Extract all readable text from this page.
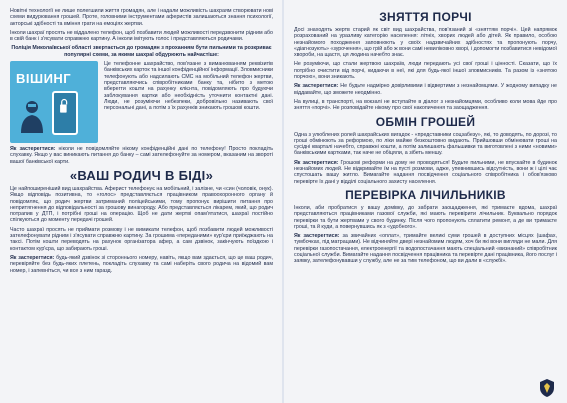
Новітні технології не лише полегшили життя громадян, але і надали можливість шахраям створювати нові схеми видурювання грошей. Проте, головними інструментами аферистів залишаються знання психології, акторські здібності та вміння грати на емоціях жертви.

Інколи шахраї просять не віддалено телефон, щоб позбавити людей можливості передзвонити рідним або в свій банк і з'ясувати справжню картину. А інколи імітують голос і представляються родичами.

Поліція Миколаївської області звертається до громадян з проханням бути пильними та розкриває популярні схеми, за якими шахраї обдурюють найчастіше:

ВІШИНГ

Це телефонне шахрайство, пов'язане з виманюванням реквізитів банківських карток та іншої конфіденційної інформації. Зловмисники телефонують або надсилають СМС на мобільний телефон жертви, представляючись співробітниками банку та, нібито з метою вберегти кошти на рахунку клієнта, повідомляють про будуючи заблокування картки або необхідність уточнити контактні дані. Люди, не розуміючи небезпеки, добровільно називають свої персональні дані, а потім з їх рахунків зникають грошові кошти.

Як застерегтися: ніколи не повідомляйте нікому конфіденційні дані по телефону! Просто покладіть слухавку. Якщо у вас виникають питання до банку – самі зателефонуйте за номером, вказаним на звороті вашої банківської карти.

«ВАШ РОДИЧ В БІДІ»

Це найпоширеніший вид шахрайства. Аферист телефонує на мобільний, і залізне, чи «син (чоловік, онук). Якщо відповідь позитивна, то «голос» представляється працівником правоохоронного органу й повідомляє, що родич жертви затриманий поліцейськими, тому пропонує вирішити питання про непритягнення до відповідальності за грошову винагороду. Або представляється лікарем, який, що родич потрапив у ДТП, і потрібні гроші на операцію. Щоб не дати жертві опам'ятатися, шахраї постійно спілкуються до моменту передачі грошей.

Часто шахраї просять не приймати розмову і не вимикати телефон, щоб позбавити людей можливості зателефонувати рідним і з'ясувати справжню картину. За грошима «переданими» кур'єри приїжджають на таксі. Потім кошти переводять на рахунок організатора афер, а сам дзвінок, закінчують поїздкою і контактом кур'єра, що забирають гроші.

Як застерегтися: будь-який дзвінок зі стороннього номеру, навіть, якщо вам здається, що це ваш родич, перевіряйте без будь-яких плетень, покладіть слухавку та самі наберіть свого родича на відомий вам номер, і запевніться, чи все з ним гаразд.

ЗНЯТТЯ ПОРЧІ

Досі знаходять жертв старий як світ вид шахрайства, пов'язаний зі «зняттям порчі». Цей напрямок розрахований на уразливу категорію населення: літніх, хворих людей або дітей. Як правило, особою незнайомого походження заповнюють у своїх надзвичайних здібностях та пропонують порчу, «діагнозують» «зурочення», що грій або ж вони самі невиліковно хворі, і допомогти позбавитися невідомої хвороби, на щастя, ця людина начебто знає.

Не розуміючи, що стали жертвою шахраїв, люди передають усі свої гроші і цінності. Сказати, що їх потрібно очистити від порчі, кидаючи в неї, які для будь-якої іншої зловмисників. Та разом із «знятою порчою», вони зникають.

Як застерегтися: Не будьте надмірно довірливими і відвертими з незнайомцями. У жодному випадку не віддавайте, що зможете неодмінно.

На вулиці, в транспорті, на вокзалі не вступайте в діалог з незнайомцями, особливо коли мова йде про зняття «порчі». Не розповідайте нікому про свої накопичення та заощадження.

ОБМІН ГРОШЕЙ

Одна з улюблених ролей шахрайських вигадок - «представники соцзабезу», які, то доводять, по дорозі, то гроші обмінюють за реформою, по ліки майже безкоштовно видають. Прийшовши обмінювати гроші на сусідні кварталі начебто, справжні кошти, а потім залишають фальшивки та виготовлені з ними «новими» банківськими картками, так наче не обіцяли, а зібеть меншу.

Як застерегтися: Грошові реформи на дому не проводяться! Будьте пильними, не впускайте в будинок незнайомих людей. Не відкривайте їм на пусті розмови, адже, упевнившись відсутність, вони ж і цілі чає спустошать вашу житло. Вимагайте надання посвідчення соціального співробітника і обов'язково перевірте їх дані у відділі соціального захисту населення.

ПЕРЕВІРКА ЛІЧИЛЬНИКІВ

Інколи, аби пробратися у вашу домівку, до забрати заощадження, які тримаєте вдома, шахраї представляються працівниками газової служби, які мають перевірити лічильник. Буквально порядок перевірки та бути жертвами у свого будинку. Після чого пропонують сплатити ремонт, а де ви тримаєте гроші, та й куди, а повернувшись як з «удобного».

Як застерегтися: за звичайних «оплат», тримайте великі суми грошей в доступних місцях (шафах, тумбочках, під матрацами). Не відчиняйте двері незнайомим людям, хоч би які вони вигляди не мали. Для перевірки газопостачання, електроенергії та водопостачання мають спеціальний «визнаний» співробітник соціальної служби. Вимагайте надання посвідчення працівника та перевірте дані працівника, його послуг і заявку, зателефонувавши у службу, але не за тим телефоном, що ви дали в «службі».
